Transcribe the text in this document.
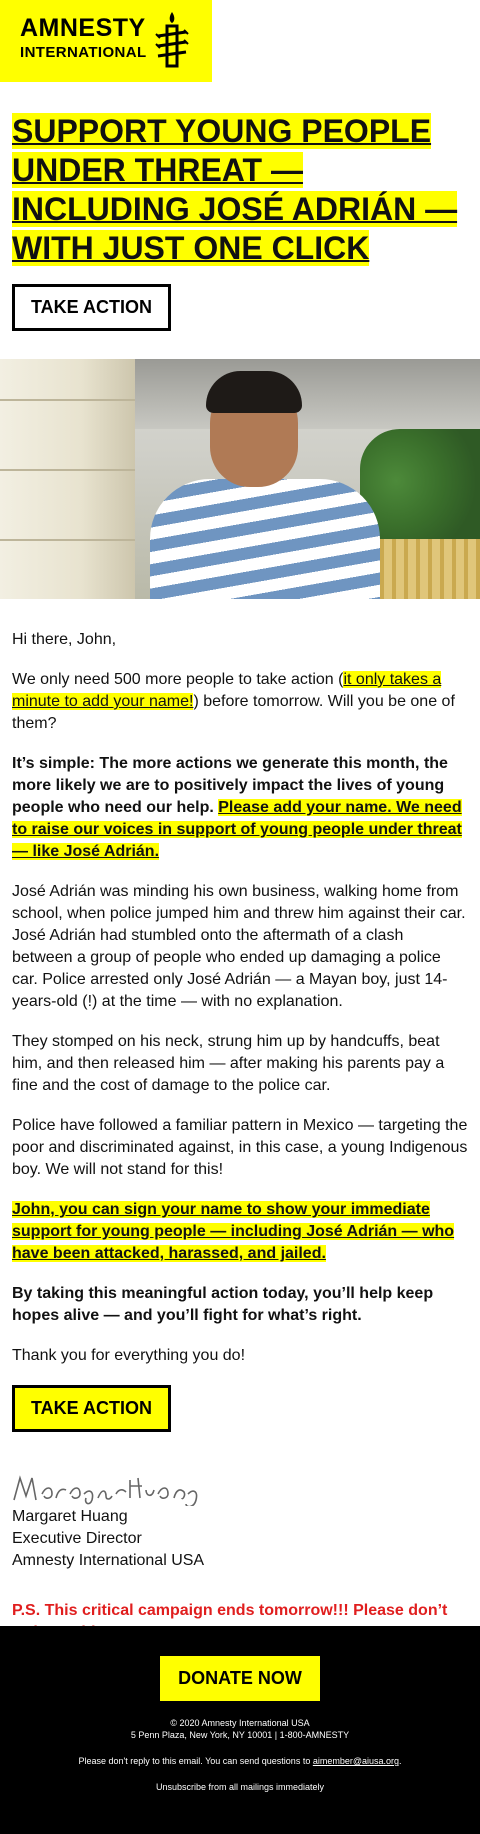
AMNESTY
INTERNATIONAL
SUPPORT YOUNG PEOPLE UNDER THREAT — INCLUDING JOSÉ ADRIÁN — WITH JUST ONE CLICK
TAKE ACTION

Hi there, John,

We only need 500 more people to take action (it only takes a minute to add your name!) before tomorrow. Will you be one of them?

It’s simple: The more actions we generate this month, the more likely we are to positively impact the lives of young people who need our help. Please add your name. We need to raise our voices in support of young people under threat — like José Adrián.

José Adrián was minding his own business, walking home from school, when police jumped him and threw him against their car. José Adrián had stumbled onto the aftermath of a clash between a group of people who ended up damaging a police car. Police arrested only José Adrián — a Mayan boy, just 14-years-old (!) at the time — with no explanation.

They stomped on his neck, strung him up by handcuffs, beat him, and then released him — after making his parents pay a fine and the cost of damage to the police car.

Police have followed a familiar pattern in Mexico — targeting the poor and discriminated against, in this case, a young Indigenous boy. We will not stand for this!

John, you can sign your name to show your immediate support for young people — including José Adrián — who have been attacked, harassed, and jailed.

By taking this meaningful action today, you’ll help keep hopes alive — and you’ll fight for what’s right.

Thank you for everything you do!

TAKE ACTION
Margaret Huang
Executive Director
Amnesty International USA

P.S. This critical campaign ends tomorrow!!! Please don’t

DONATE NOW
© 2020 Amnesty International USA
5 Penn Plaza, New York, NY 10001 | 1-800-AMNESTY
Please don't reply to this email. You can send questions to aimember@aiusa.org.
Unsubscribe from all mailings immediately
